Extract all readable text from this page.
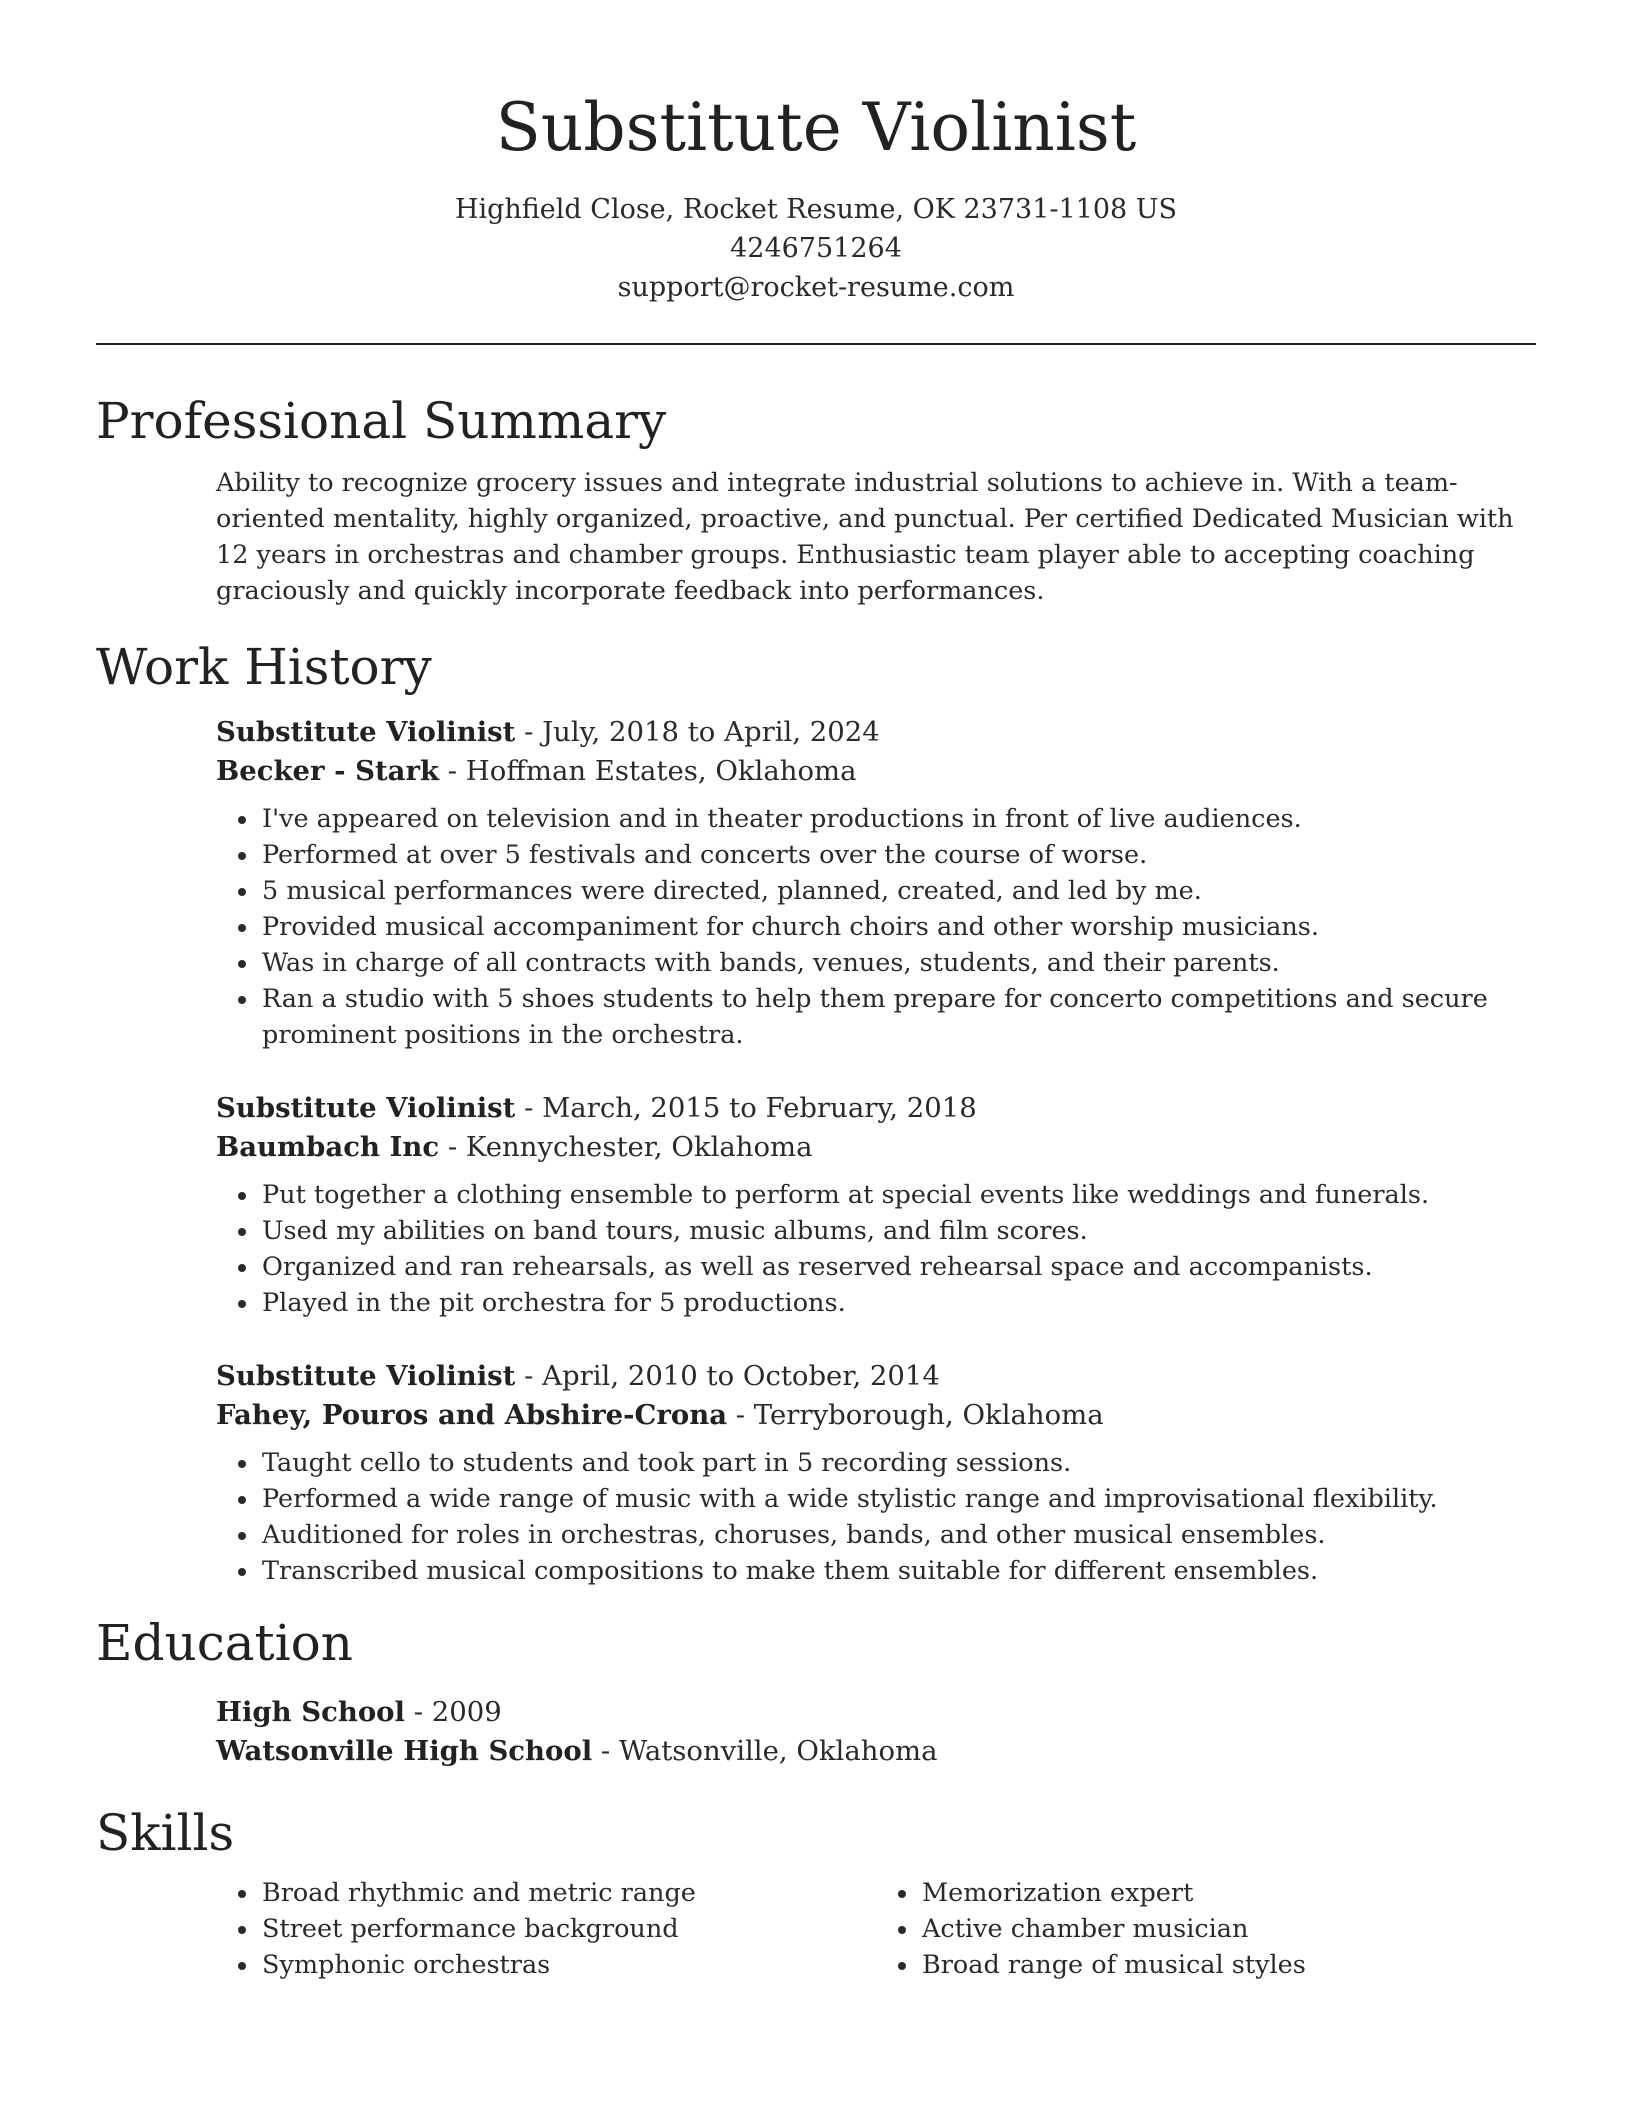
Substitute Violinist
Highfield Close, Rocket Resume, OK 23731-1108 US
4246751264
support@rocket-resume.com
Professional Summary

Ability to recognize grocery issues and integrate industrial solutions to achieve in. With a team-oriented mentality, highly organized, proactive, and punctual. Per certified Dedicated Musician with 12 years in orchestras and chamber groups. Enthusiastic team player able to accepting coaching graciously and quickly incorporate feedback into performances.

Work History
Substitute Violinist - July, 2018 to April, 2024
Becker - Stark - Hoffman Estates, Oklahoma
• I've appeared on television and in theater productions in front of live audiences.
• Performed at over 5 festivals and concerts over the course of worse.
• 5 musical performances were directed, planned, created, and led by me.
• Provided musical accompaniment for church choirs and other worship musicians.
• Was in charge of all contracts with bands, venues, students, and their parents.
• Ran a studio with 5 shoes students to help them prepare for concerto competitions and secure prominent positions in the orchestra.
Substitute Violinist - March, 2015 to February, 2018
Baumbach Inc - Kennychester, Oklahoma
• Put together a clothing ensemble to perform at special events like weddings and funerals.
• Used my abilities on band tours, music albums, and film scores.
• Organized and ran rehearsals, as well as reserved rehearsal space and accompanists.
• Played in the pit orchestra for 5 productions.
Substitute Violinist - April, 2010 to October, 2014
Fahey, Pouros and Abshire-Crona - Terryborough, Oklahoma
• Taught cello to students and took part in 5 recording sessions.
• Performed a wide range of music with a wide stylistic range and improvisational flexibility.
• Auditioned for roles in orchestras, choruses, bands, and other musical ensembles.
• Transcribed musical compositions to make them suitable for different ensembles.
Education
High School - 2009
Watsonville High School - Watsonville, Oklahoma
Skills
• Broad rhythmic and metric range
• Street performance background
• Symphonic orchestras
• Memorization expert
• Active chamber musician
• Broad range of musical styles
